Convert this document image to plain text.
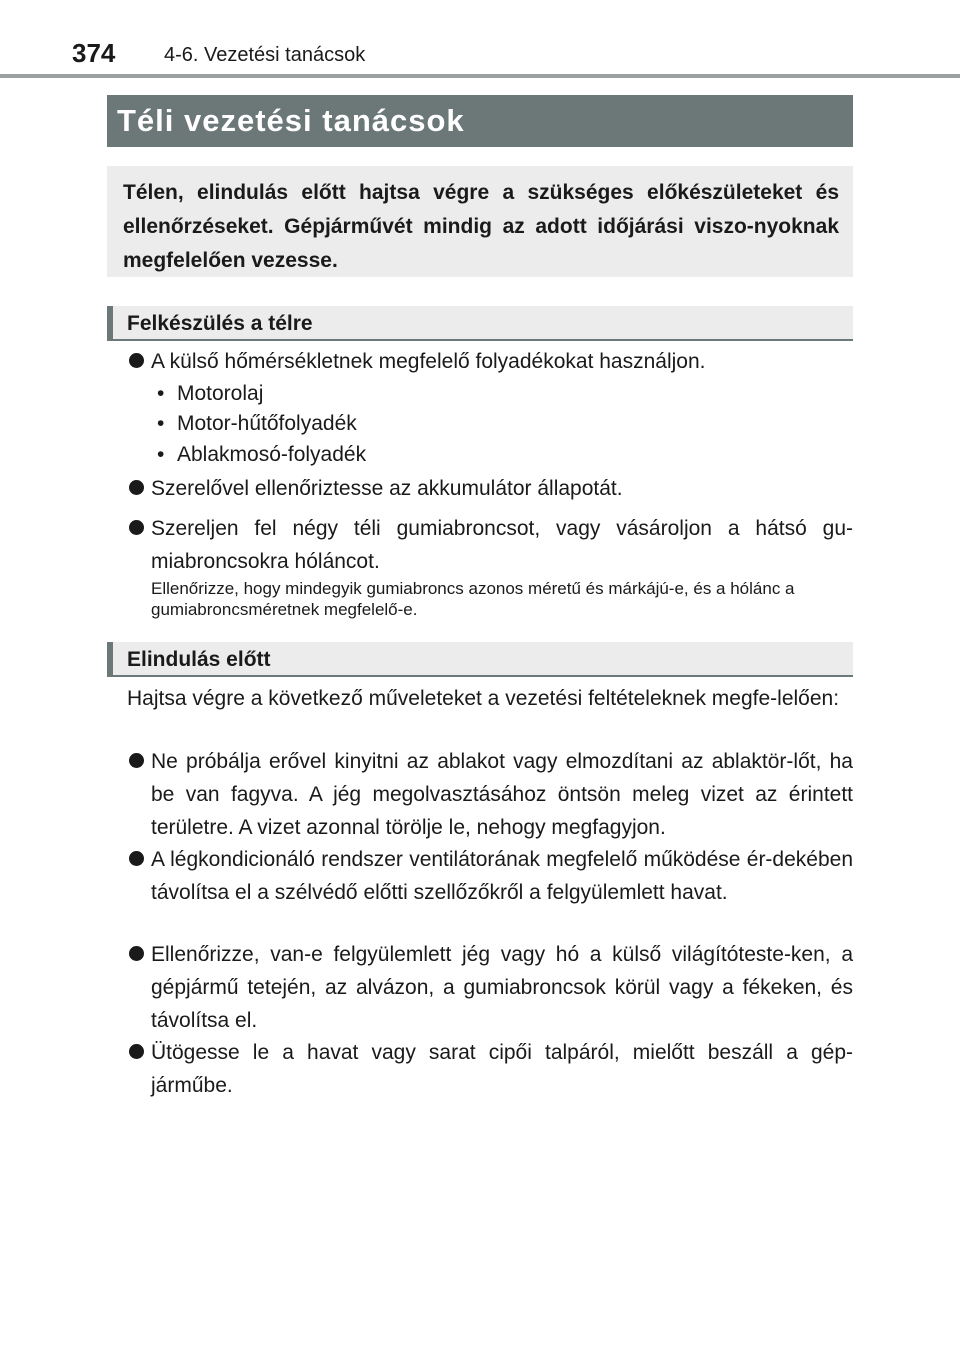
374 4-6. Vezetési tanácsok
Téli vezetési tanácsok

Télen, elindulás előtt hajtsa végre a szükséges előkészületeket és ellenőrzéseket. Gépjárművét mindig az adott időjárási viszo-nyoknak megfelelően vezesse.

Felkészülés a télre
A külső hőmérsékletnek megfelelő folyadékokat használjon.
• Motorolaj
• Motor-hűtőfolyadék
• Ablakmosó-folyadék
Szerelővel ellenőriztesse az akkumulátor állapotát.
Szereljen fel négy téli gumiabroncsot, vagy vásároljon a hátsó gu-miabroncsokra hóláncot.
Ellenőrizze, hogy mindegyik gumiabroncs azonos méretű és márkájú-e, és a hólánc a gumiabroncsméretnek megfelelő-e.
Elindulás előtt
Hajtsa végre a következő műveleteket a vezetési feltételeknek megfe-lelően:
Ne próbálja erővel kinyitni az ablakot vagy elmozdítani az ablaktör-lőt, ha be van fagyva. A jég megolvasztásához öntsön meleg vizet az érintett területre. A vizet azonnal törölje le, nehogy megfagyjon.
A légkondicionáló rendszer ventilátorának megfelelő működése ér-dekében távolítsa el a szélvédő előtti szellőzőkről a felgyülemlett havat.
Ellenőrizze, van-e felgyülemlett jég vagy hó a külső világítóteste-ken, a gépjármű tetején, az alvázon, a gumiabroncsok körül vagy a fékeken, és távolítsa el.
Ütögesse le a havat vagy sarat cipői talpáról, mielőtt beszáll a gép-járműbe.
